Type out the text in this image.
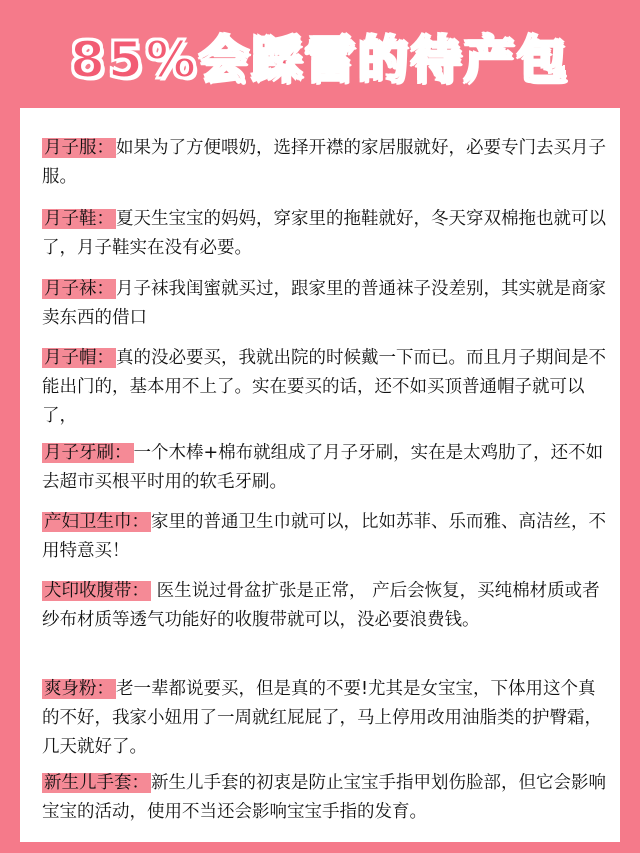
85%会踩雷的待产包
月子服： 如果为了方便喂奶，选择开襟的家居服就好，必要专门去买月子服。
月子鞋： 夏天生宝宝的妈妈，穿家里的拖鞋就好，冬天穿双棉拖也就可以了，月子鞋实在没有必要。
月子袜： 月子袜我闺蜜就买过，跟家里的普通袜子没差别，其实就是商家卖东西的借口
月子帽： 真的没必要买，我就出院的时候戴一下而已。而且月子期间是不能出门的，基本用不上了。实在要买的话，还不如买顶普通帽子就可以了，
月子牙刷： 一个木棒+棉布就组成了月子牙刷，实在是太鸡肋了，还不如去超市买根平时用的软毛牙刷。
产妇卫生巾： 家里的普通卫生巾就可以，比如苏菲、乐而雅、高洁丝，不用特意买！
犬印收腹带： 医生说过骨盆扩张是正常， 产后会恢复，买纯棉材质或者纱布材质等透气功能好的收腹带就可以，没必要浪费钱。
爽身粉： 老一辈都说要买，但是真的不要!尤其是女宝宝，下体用这个真的不好，我家小妞用了一周就红屁屁了，马上停用改用油脂类的护臀霜，几天就好了。
新生儿手套： 新生儿手套的初衷是防止宝宝手指甲划伤脸部，但它会影响宝宝的活动，使用不当还会影响宝宝手指的发育。
